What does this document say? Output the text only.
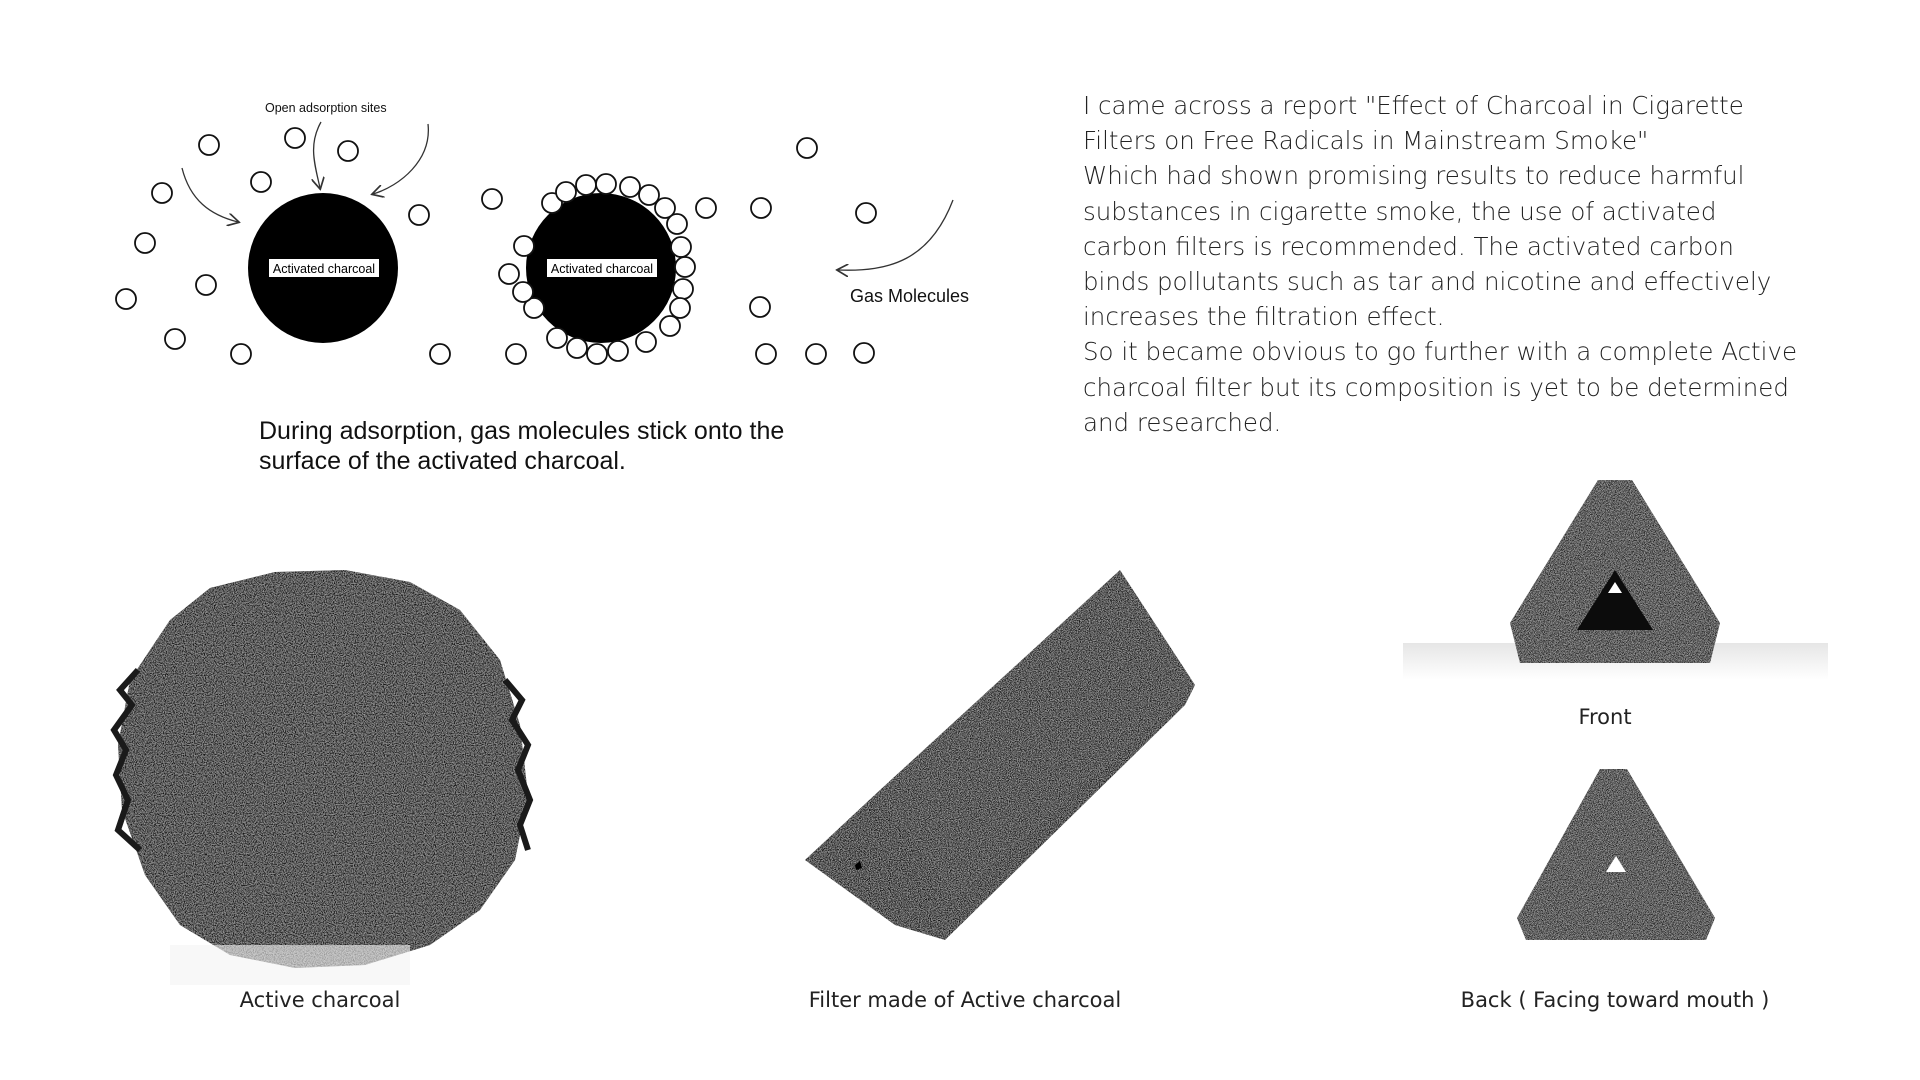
Activated charcoal	Activated charcoal
Open adsorption sites
Gas Molecules
During adsorption, gas molecules stick onto the
surface of the activated charcoal.

I came across a report "Effect of Charcoal in Cigarette Filters on Free Radicals in Mainstream Smoke"

Which had shown promising results to reduce harmful substances in cigarette smoke, the use of activated carbon filters is recommended. The activated carbon binds pollutants such as tar and nicotine and effectively increases the filtration effect.

So it became obvious to go further with a complete Active charcoal filter but its composition is yet to be determined and researched.

Active charcoal	Filter made of Active charcoal
Front
Back ( Facing toward mouth )
